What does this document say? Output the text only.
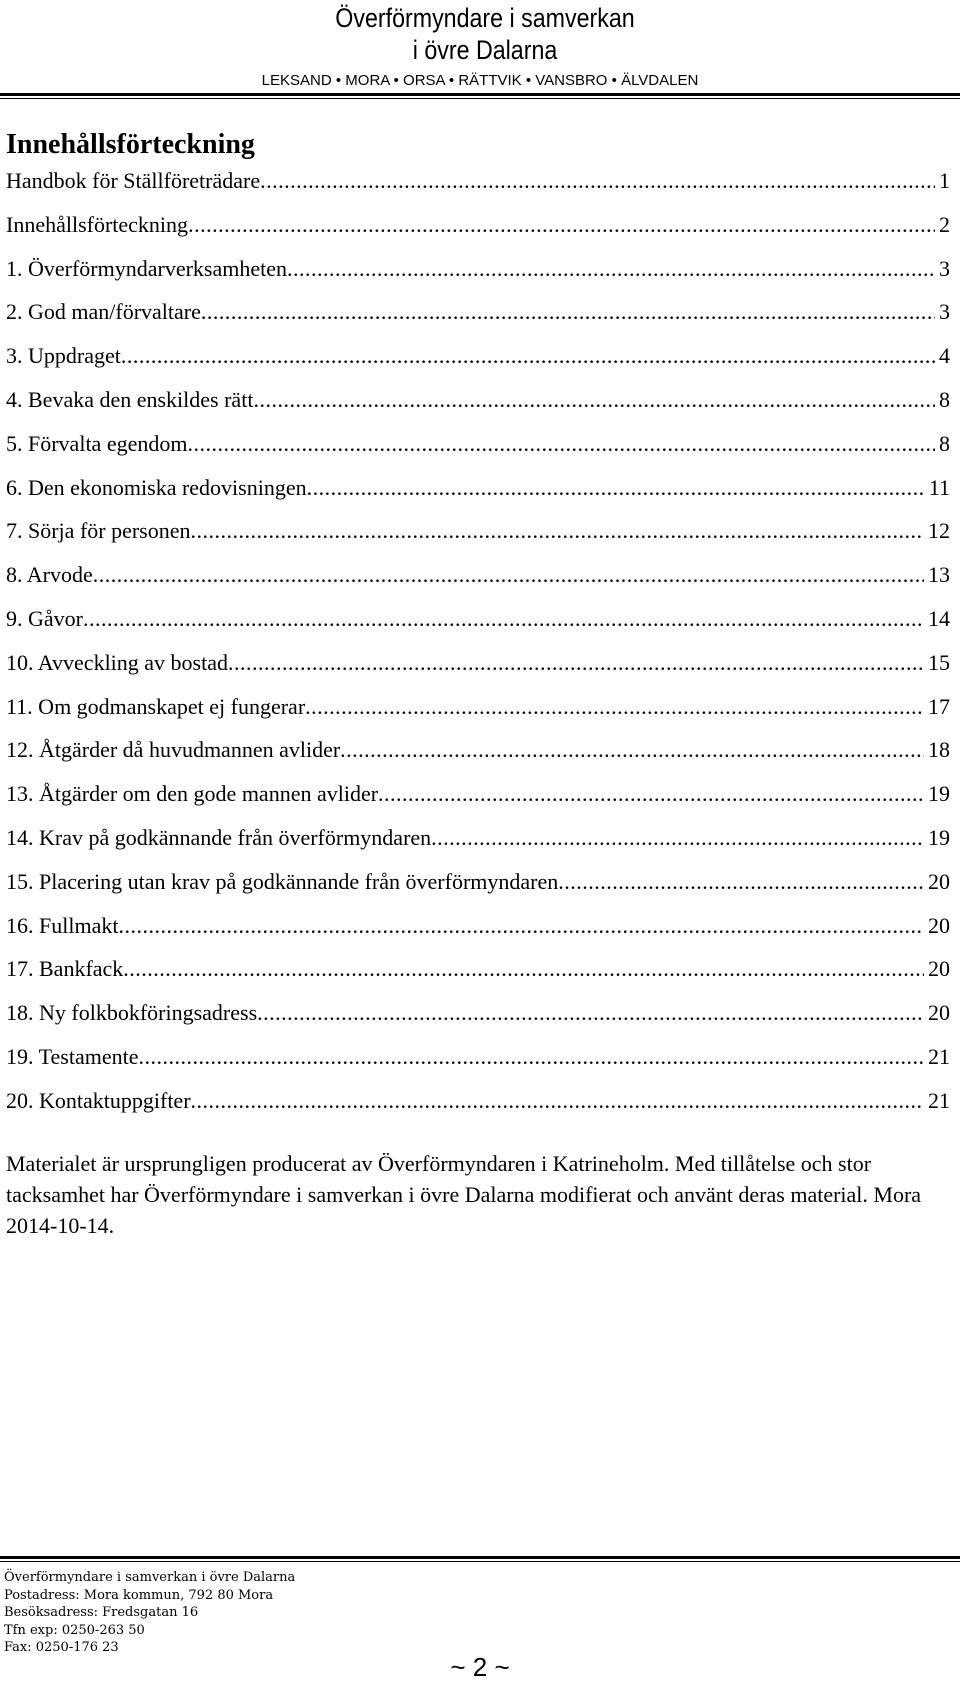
Överförmyndare i samverkan
i övre Dalarna
LEKSAND • MORA • ORSA • RÄTTVIK • VANSBRO • ÄLVDALEN
Innehållsförteckning
Handbok för Ställföreträdare .....	1
Innehållsförteckning .....	2
1. Överförmyndarverksamheten .....	3
2. God man/förvaltare .....	3
3. Uppdraget .....	4
4. Bevaka den enskildes rätt .....	8
5. Förvalta egendom .....	8
6. Den ekonomiska redovisningen .....	11
7. Sörja för personen .....	12
8. Arvode .....	13
9. Gåvor .....	14
10. Avveckling av bostad .....	15
11. Om godmanskapet ej fungerar .....	17
12. Åtgärder då huvudmannen avlider .....	18
13. Åtgärder om den gode mannen avlider .....	19
14. Krav på godkännande från överförmyndaren .....	19
15. Placering utan krav på godkännande från överförmyndaren .....	20
16. Fullmakt .....	20
17. Bankfack .....	20
18. Ny folkbokföringsadress .....	20
19. Testamente .....	21
20. Kontaktuppgifter .....	21
Materialet är ursprungligen producerat av Överförmyndaren i Katrineholm. Med tillåtelse och stor tacksamhet har Överförmyndare i samverkan i övre Dalarna modifierat och använt deras material. Mora 2014-10-14.
Överförmyndare i samverkan i övre Dalarna
Postadress: Mora kommun, 792 80 Mora
Besöksadress: Fredsgatan 16
Tfn exp: 0250-263 50
Fax: 0250-176 23
~ 2 ~
